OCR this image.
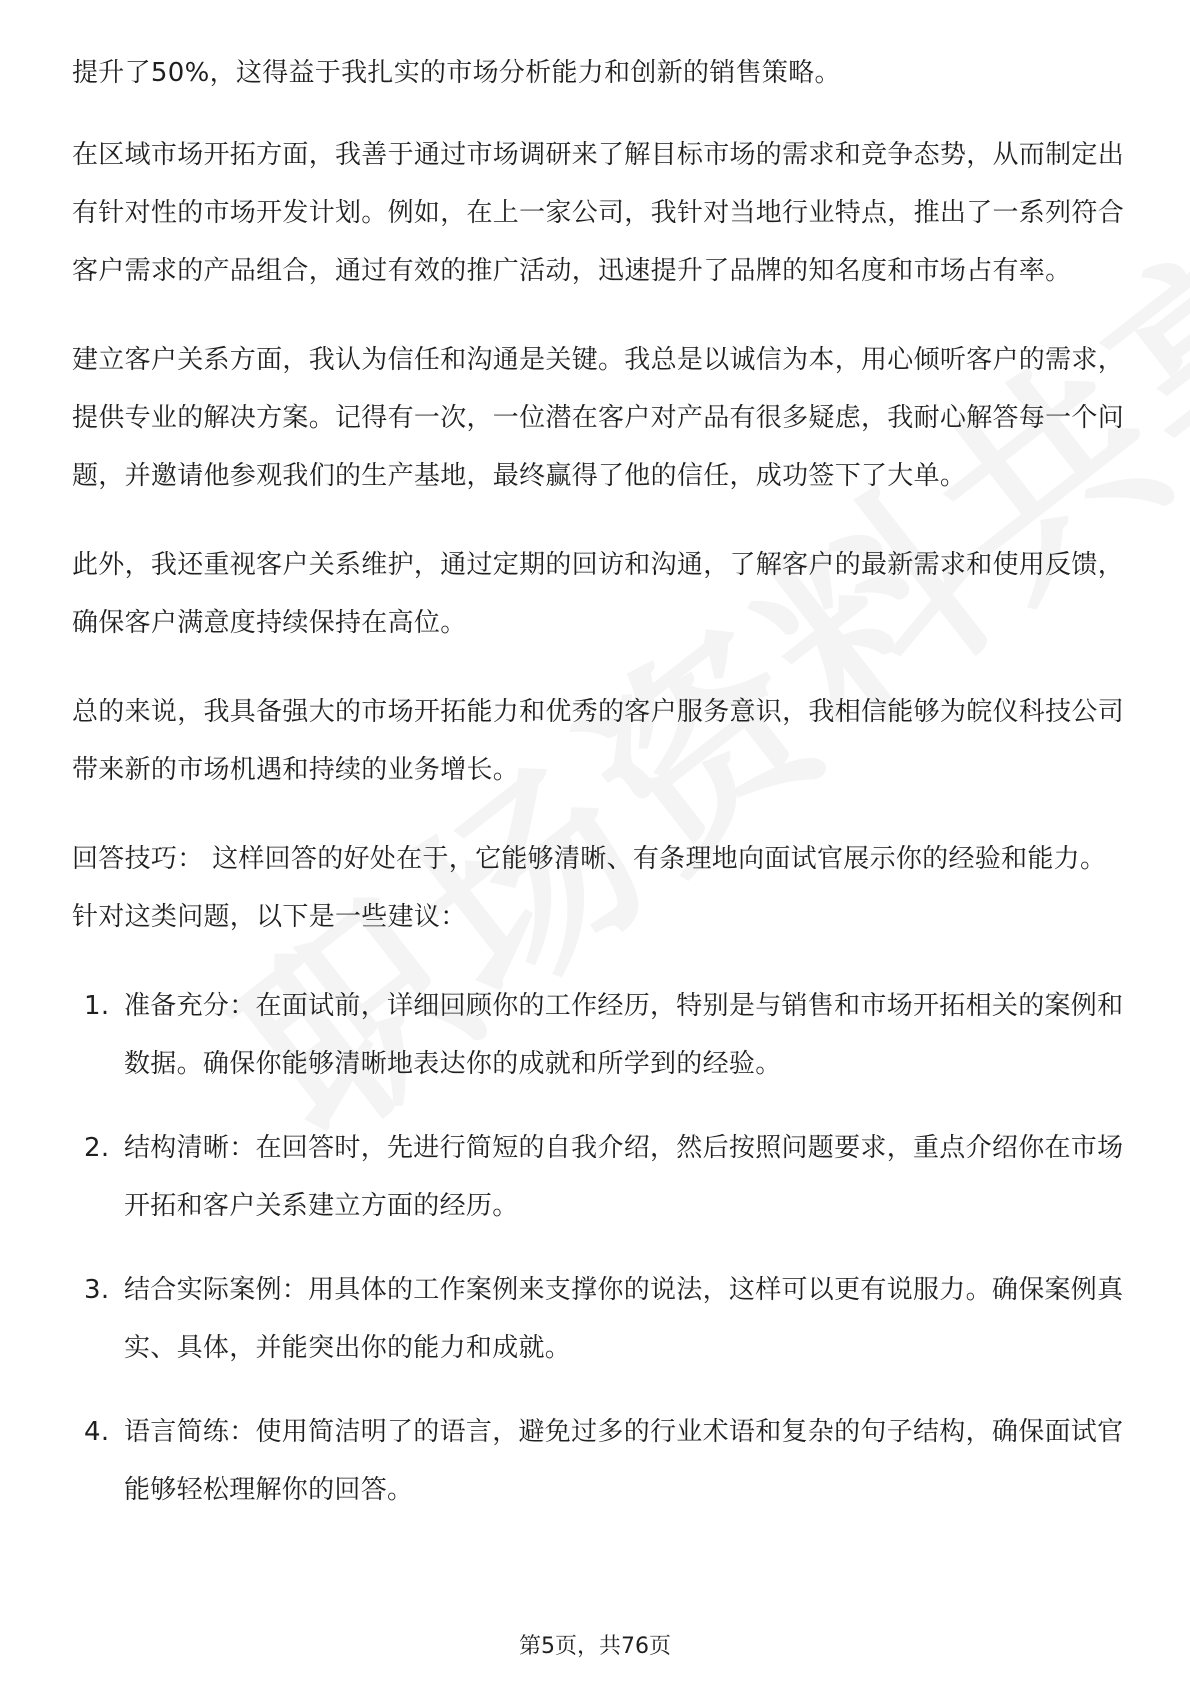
提升了50%，这得益于我扎实的市场分析能力和创新的销售策略。

在区域市场开拓方面，我善于通过市场调研来了解目标市场的需求和竞争态势，从而制定出有针对性的市场开发计划。例如，在上一家公司，我针对当地行业特点，推出了一系列符合客户需求的产品组合，通过有效的推广活动，迅速提升了品牌的知名度和市场占有率。

建立客户关系方面，我认为信任和沟通是关键。我总是以诚信为本，用心倾听客户的需求，提供专业的解决方案。记得有一次，一位潜在客户对产品有很多疑虑，我耐心解答每一个问题，并邀请他参观我们的生产基地，最终赢得了他的信任，成功签下了大单。

此外，我还重视客户关系维护，通过定期的回访和沟通，了解客户的最新需求和使用反馈，确保客户满意度持续保持在高位。

总的来说，我具备强大的市场开拓能力和优秀的客户服务意识，我相信能够为皖仪科技公司带来新的市场机遇和持续的业务增长。

回答技巧： 这样回答的好处在于，它能够清晰、有条理地向面试官展示你的经验和能力。针对这类问题，以下是一些建议：

1. 准备充分：在面试前，详细回顾你的工作经历，特别是与销售和市场开拓相关的案例和数据。确保你能够清晰地表达你的成就和所学到的经验。
2. 结构清晰：在回答时，先进行简短的自我介绍，然后按照问题要求，重点介绍你在市场开拓和客户关系建立方面的经历。
3. 结合实际案例：用具体的工作案例来支撑你的说法，这样可以更有说服力。确保案例真实、具体，并能突出你的能力和成就。
4. 语言简练：使用简洁明了的语言，避免过多的行业术语和复杂的句子结构，确保面试官能够轻松理解你的回答。
第5页，共76页
